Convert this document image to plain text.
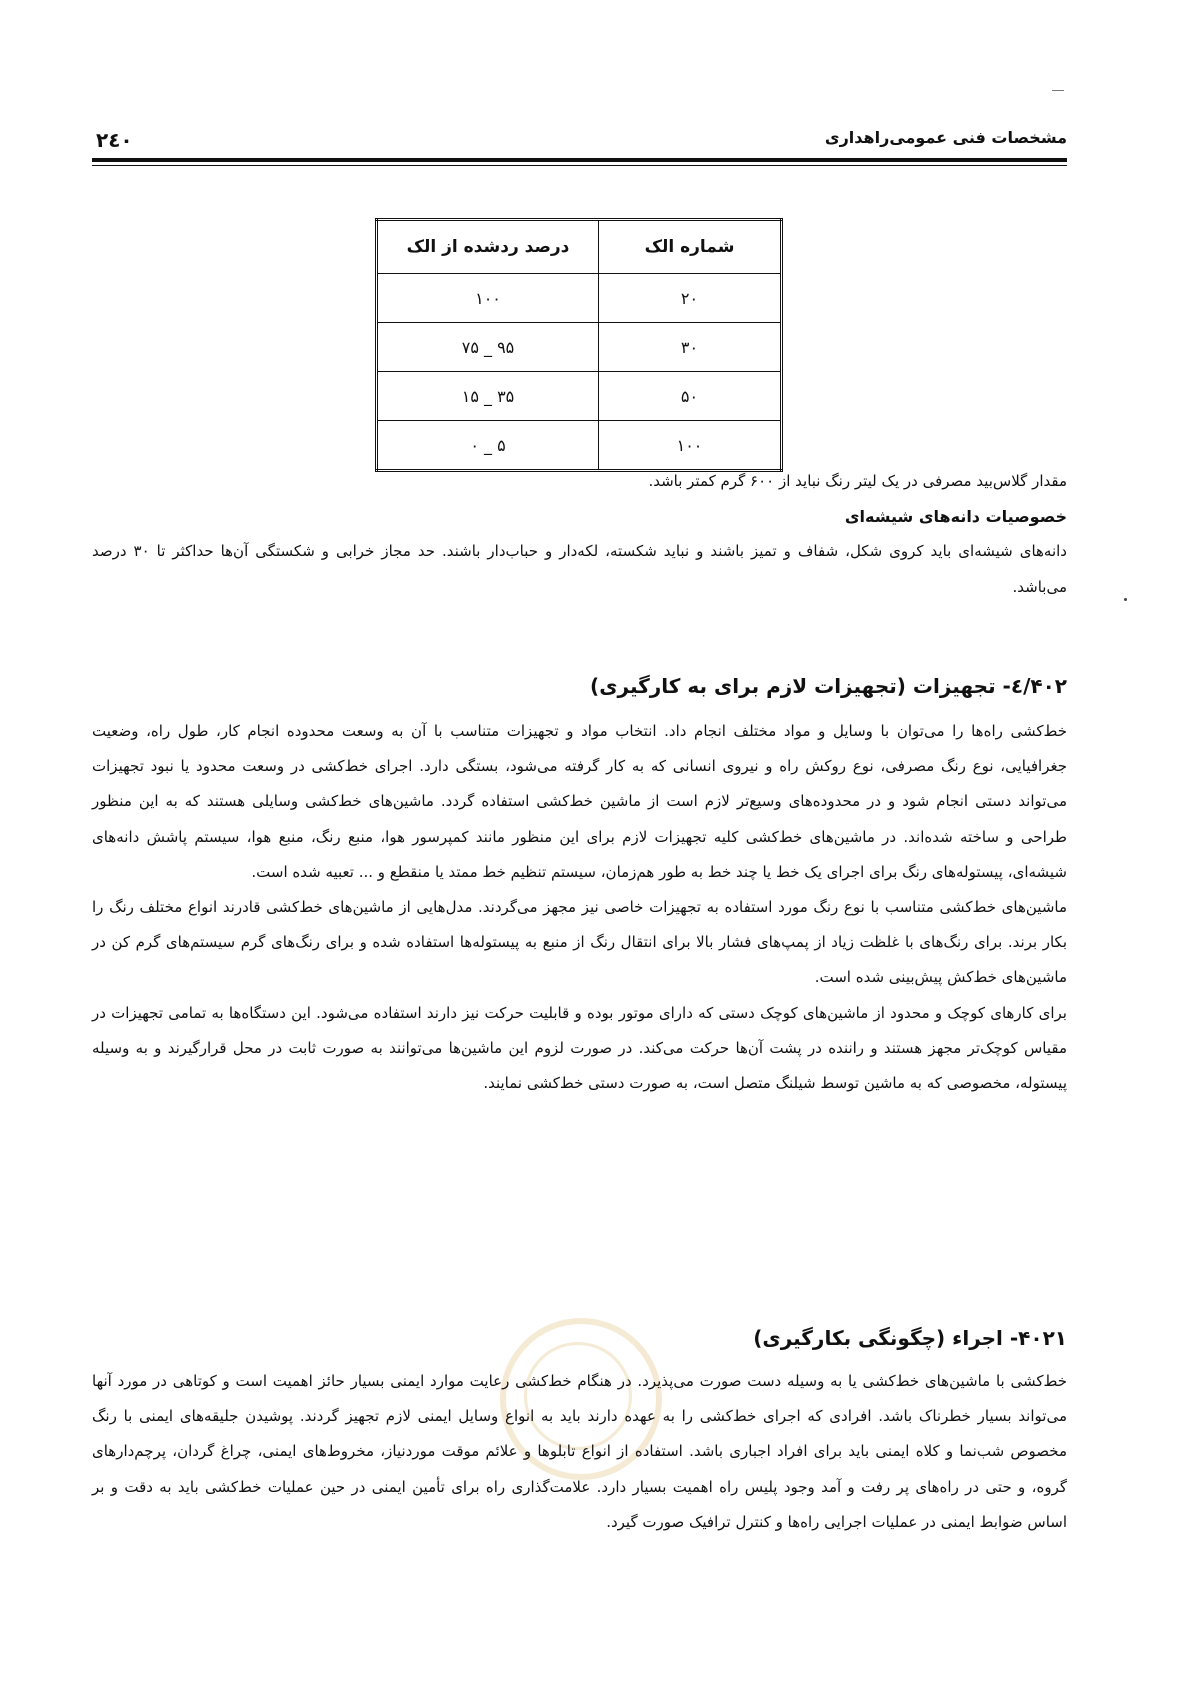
مشخصات فنی عمومی‌راهداری
۲٤۰
شماره الک	درصد ردشده از الک
۲۰	۱۰۰
۳۰	۹۵ _ ۷۵
۵۰	۳۵ _ ۱۵
۱۰۰	۵ _ ۰

مقدار گلاس‌بید مصرفی در یک لیتر رنگ نباید از ۶۰۰ گرم کمتر باشد.

خصوصیات دانه‌های شیشه‌ای

دانه‌های شیشه‌ای باید کروی شکل، شفاف و تمیز باشند و نباید شکسته، لکه‌دار و حباب‌دار باشند. حد مجاز خرابی و شکستگی آن‌ها حداکثر تا ۳۰ درصد می‌باشد.

۴۰۲/٤- تجهیزات (تجهیزات لازم برای به کارگیری)

خط‌کشی راه‌ها را می‌توان با وسایل و مواد مختلف انجام داد. انتخاب مواد و تجهیزات متناسب با آن به وسعت محدوده انجام کار، طول راه، وضعیت جغرافیایی، نوع رنگ مصرفی، نوع روکش راه و نیروی انسانی که به کار گرفته می‌شود، بستگی دارد. اجرای خط‌کشی در وسعت محدود یا نبود تجهیزات می‌تواند دستی انجام شود و در محدوده‌های وسیع‌تر لازم است از ماشین خط‌کشی استفاده گردد. ماشین‌های خط‌کشی وسایلی هستند که به این منظور طراحی و ساخته شده‌اند. در ماشین‌های خط‌کشی کلیه تجهیزات لازم برای این منظور مانند کمپرسور هوا، منبع رنگ، منبع هوا، سیستم پاشش دانه‌های شیشه‌ای، پیستوله‌های رنگ برای اجرای یک خط یا چند خط به طور هم‌زمان، سیستم تنظیم خط ممتد یا منقطع و ... تعبیه شده است.

ماشین‌های خط‌کشی متناسب با نوع رنگ مورد استفاده به تجهیزات خاصی نیز مجهز می‌گردند. مدل‌هایی از ماشین‌های خط‌کشی قادرند انواع مختلف رنگ را بکار برند. برای رنگ‌های با غلظت زیاد از پمپ‌های فشار بالا برای انتقال رنگ از منبع به پیستوله‌ها استفاده شده و برای رنگ‌های گرم سیستم‌های گرم کن در ماشین‌های خط‌کش پیش‌بینی شده است.

برای کارهای کوچک و محدود از ماشین‌های کوچک دستی که دارای موتور بوده و قابلیت حرکت نیز دارند استفاده می‌شود. این دستگاه‌ها به تمامی تجهیزات در مقیاس کوچک‌تر مجهز هستند و راننده در پشت آن‌ها حرکت می‌کند. در صورت لزوم این ماشین‌ها می‌توانند به صورت ثابت در محل قرارگیرند و به وسیله پیستوله، مخصوصی که به ماشین توسط شیلنگ متصل است، به صورت دستی خط‌کشی نمایند.

۴۰۲۱- اجراء (چگونگی بکارگیری)

خط‌کشی با ماشین‌های خط‌کشی یا به وسیله دست صورت می‌پذیرد. در هنگام خط‌کشی رعایت موارد ایمنی بسیار حائز اهمیت است و کوتاهی در مورد آنها می‌تواند بسیار خطرناک باشد. افرادی که اجرای خط‌کشی را به عهده دارند باید به انواع وسایل ایمنی لازم تجهیز گردند. پوشیدن جلیقه‌های ایمنی با رنگ مخصوص شب‌نما و کلاه ایمنی باید برای افراد اجباری باشد. استفاده از انواع تابلوها و علائم موقت موردنیاز، مخروط‌های ایمنی، چراغ گردان، پرچم‌دارهای گروه، و حتی در راه‌های پر رفت و آمد وجود پلیس راه اهمیت بسیار دارد. علامت‌گذاری راه برای تأمین ایمنی در حین عملیات خط‌کشی باید به دقت و بر اساس ضوابط ایمنی در عملیات اجرایی راه‌ها و کنترل ترافیک صورت گیرد.
